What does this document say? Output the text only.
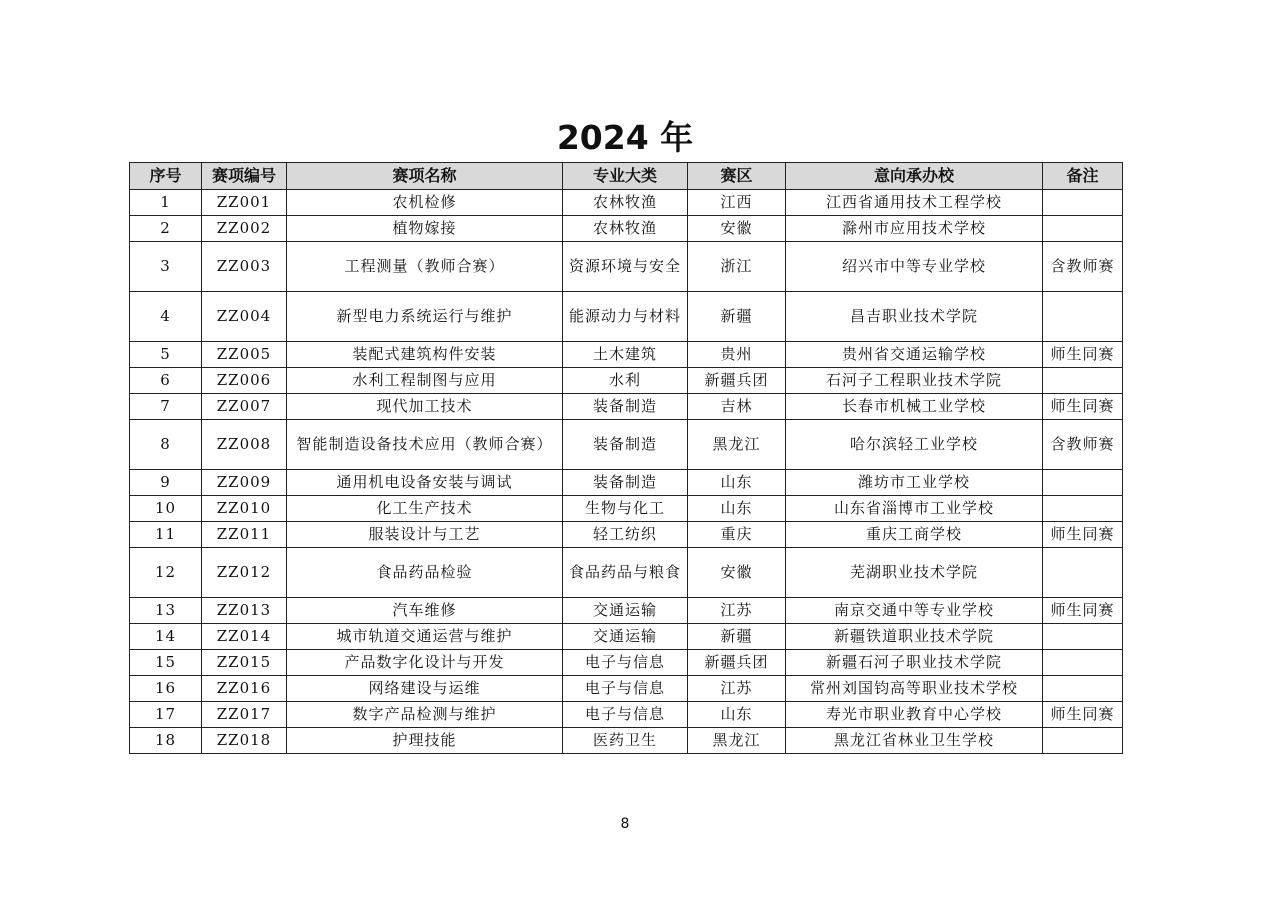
2024 年
序号	赛项编号	赛项名称	专业大类	赛区	意向承办校	备注
1	ZZ001	农机检修	农林牧渔	江西	江西省通用技术工程学校	
2	ZZ002	植物嫁接	农林牧渔	安徽	滁州市应用技术学校	
3	ZZ003	工程测量（教师合赛）	资源环境与安全	浙江	绍兴市中等专业学校	含教师赛
4	ZZ004	新型电力系统运行与维护	能源动力与材料	新疆	昌吉职业技术学院	
5	ZZ005	装配式建筑构件安装	土木建筑	贵州	贵州省交通运输学校	师生同赛
6	ZZ006	水利工程制图与应用	水利	新疆兵团	石河子工程职业技术学院	
7	ZZ007	现代加工技术	装备制造	吉林	长春市机械工业学校	师生同赛
8	ZZ008	智能制造设备技术应用（教师合赛）	装备制造	黑龙江	哈尔滨轻工业学校	含教师赛
9	ZZ009	通用机电设备安装与调试	装备制造	山东	潍坊市工业学校	
10	ZZ010	化工生产技术	生物与化工	山东	山东省淄博市工业学校	
11	ZZ011	服装设计与工艺	轻工纺织	重庆	重庆工商学校	师生同赛
12	ZZ012	食品药品检验	食品药品与粮食	安徽	芜湖职业技术学院	
13	ZZ013	汽车维修	交通运输	江苏	南京交通中等专业学校	师生同赛
14	ZZ014	城市轨道交通运营与维护	交通运输	新疆	新疆铁道职业技术学院	
15	ZZ015	产品数字化设计与开发	电子与信息	新疆兵团	新疆石河子职业技术学院	
16	ZZ016	网络建设与运维	电子与信息	江苏	常州刘国钧高等职业技术学校	
17	ZZ017	数字产品检测与维护	电子与信息	山东	寿光市职业教育中心学校	师生同赛
18	ZZ018	护理技能	医药卫生	黑龙江	黑龙江省林业卫生学校	
8
